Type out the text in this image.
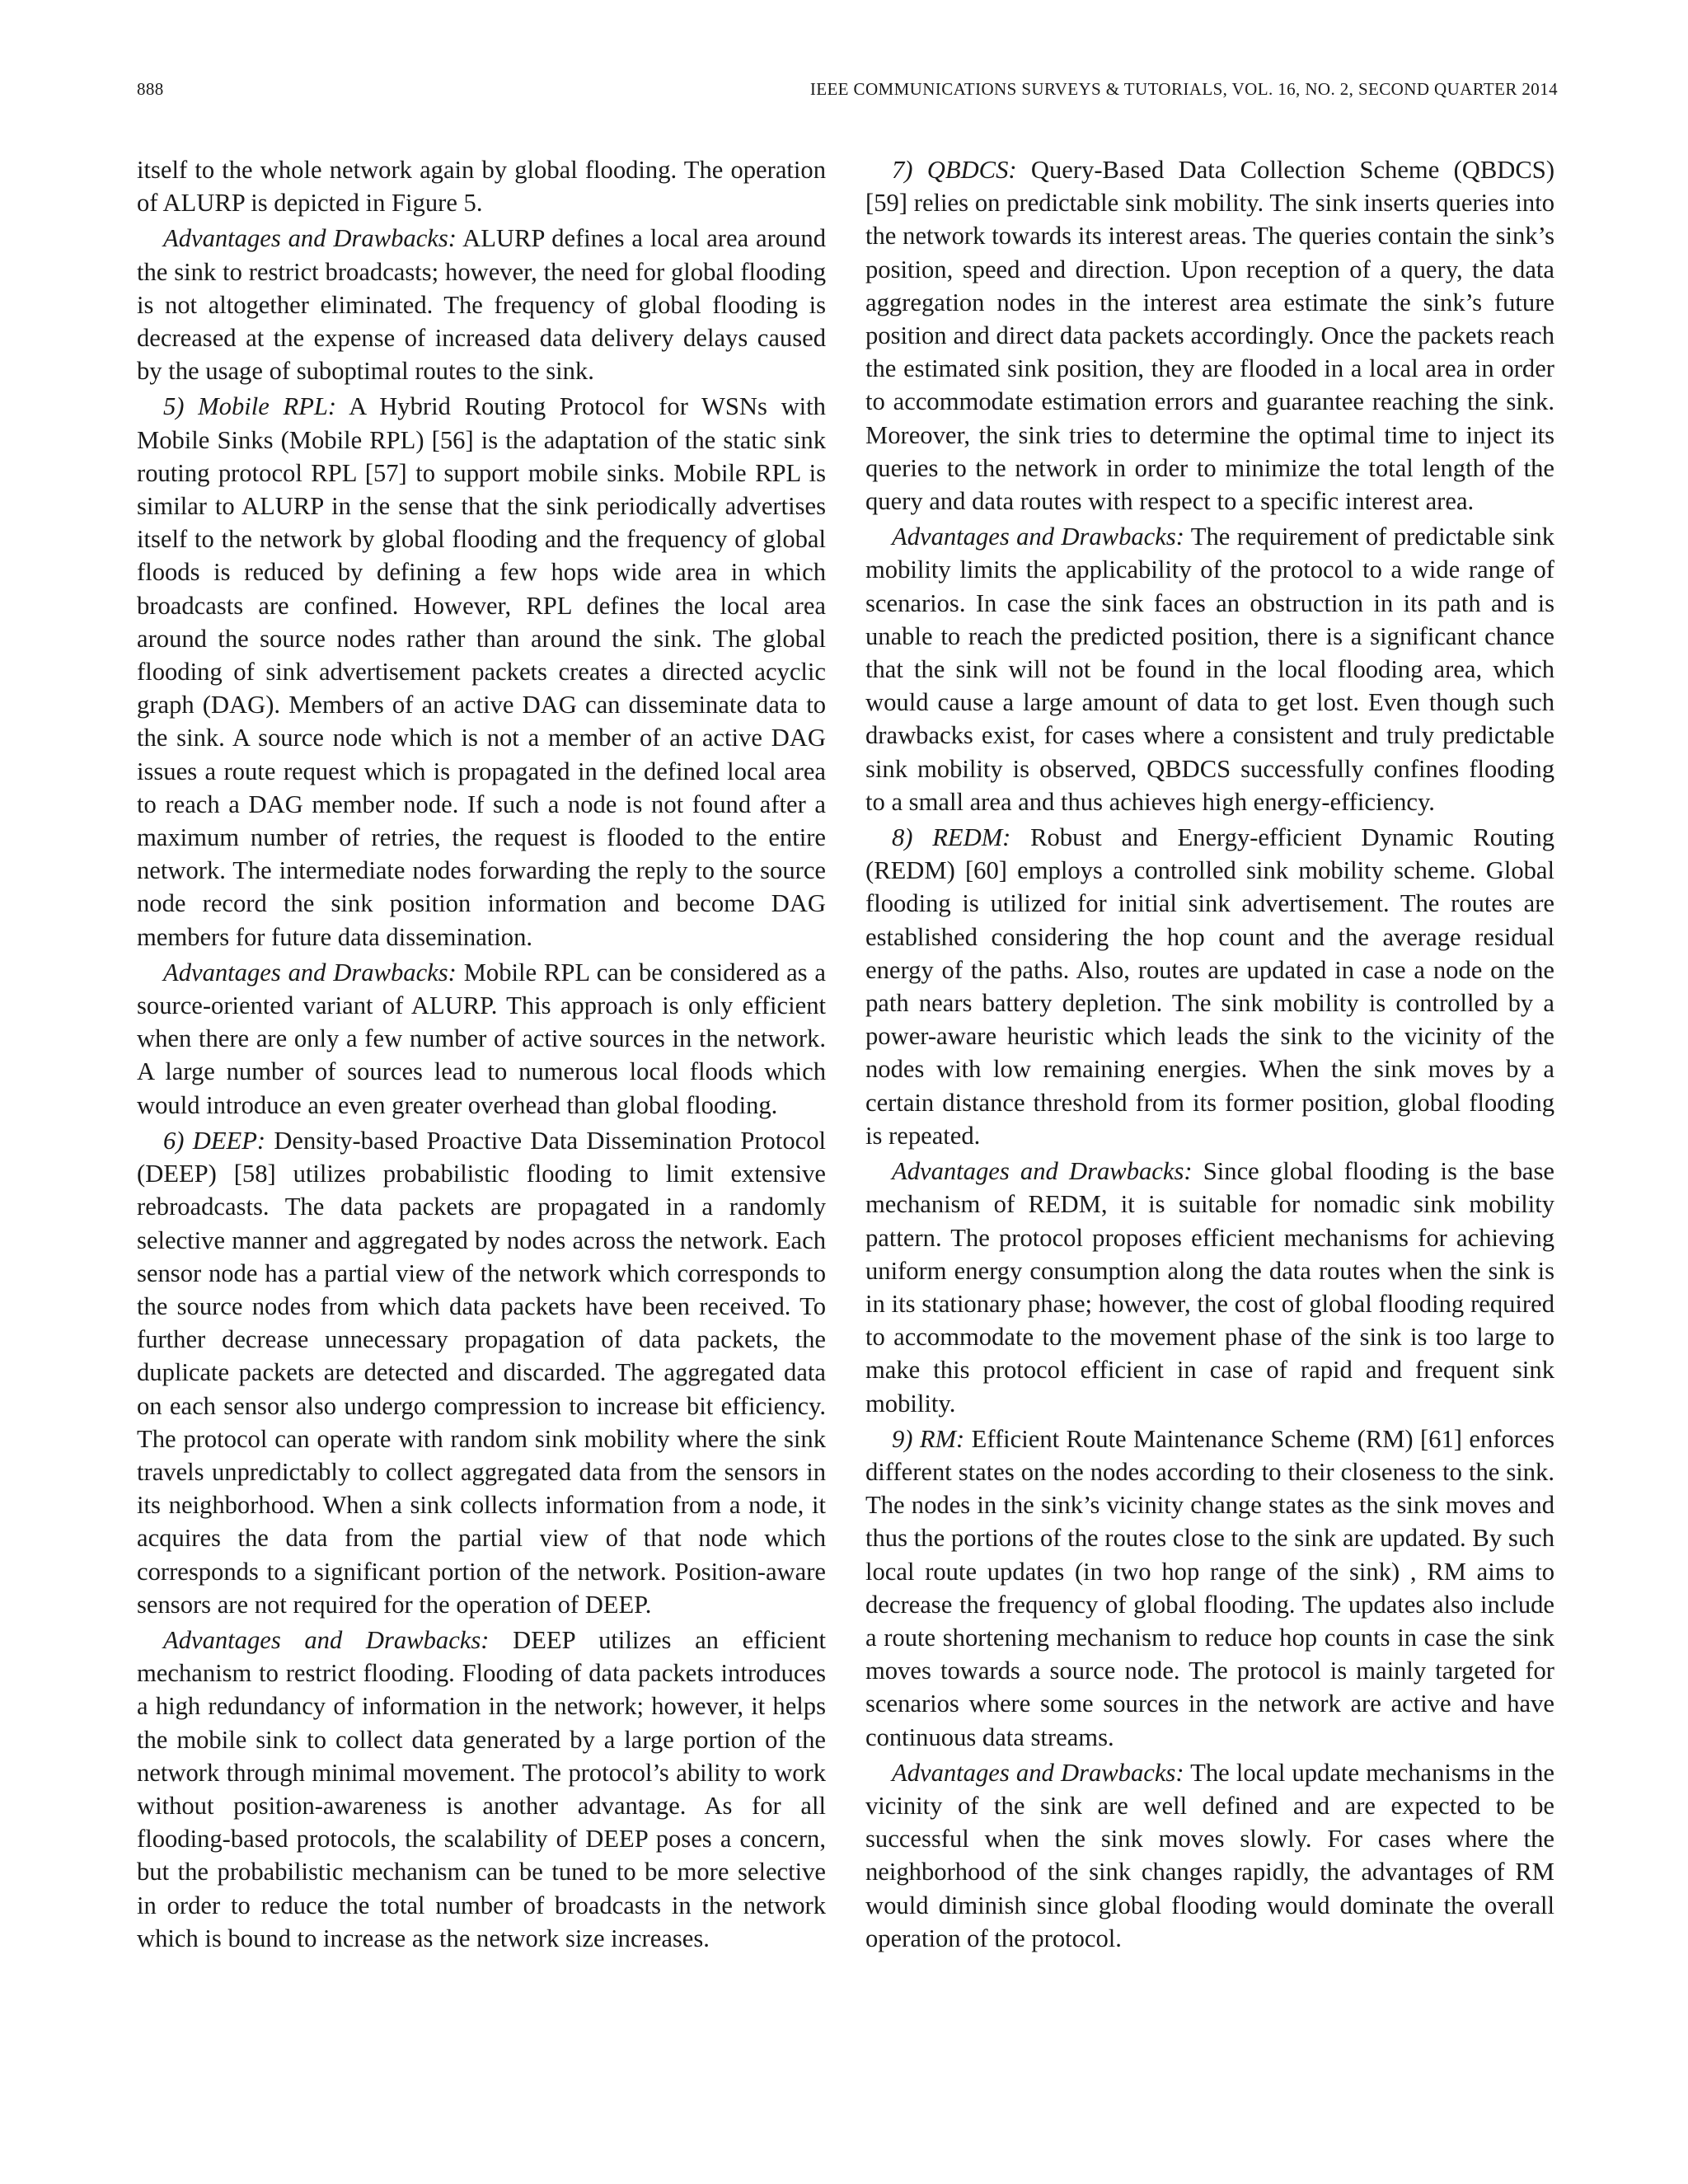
888	IEEE COMMUNICATIONS SURVEYS & TUTORIALS, VOL. 16, NO. 2, SECOND QUARTER 2014

itself to the whole network again by global flooding. The operation of ALURP is depicted in Figure 5.

Advantages and Drawbacks: ALURP defines a local area around the sink to restrict broadcasts; however, the need for global flooding is not altogether eliminated. The frequency of global flooding is decreased at the expense of increased data delivery delays caused by the usage of suboptimal routes to the sink.

5) Mobile RPL: A Hybrid Routing Protocol for WSNs with Mobile Sinks (Mobile RPL) [56] is the adaptation of the static sink routing protocol RPL [57] to support mobile sinks. Mobile RPL is similar to ALURP in the sense that the sink periodically advertises itself to the network by global flooding and the frequency of global floods is reduced by defining a few hops wide area in which broadcasts are confined. However, RPL defines the local area around the source nodes rather than around the sink. The global flooding of sink advertisement packets creates a directed acyclic graph (DAG). Members of an active DAG can disseminate data to the sink. A source node which is not a member of an active DAG issues a route request which is propagated in the defined local area to reach a DAG member node. If such a node is not found after a maximum number of retries, the request is flooded to the entire network. The intermediate nodes forwarding the reply to the source node record the sink position information and become DAG members for future data dissemination.

Advantages and Drawbacks: Mobile RPL can be considered as a source-oriented variant of ALURP. This approach is only efficient when there are only a few number of active sources in the network. A large number of sources lead to numerous local floods which would introduce an even greater overhead than global flooding.

6) DEEP: Density-based Proactive Data Dissemination Protocol (DEEP) [58] utilizes probabilistic flooding to limit extensive rebroadcasts. The data packets are propagated in a randomly selective manner and aggregated by nodes across the network. Each sensor node has a partial view of the network which corresponds to the source nodes from which data packets have been received. To further decrease unnecessary propagation of data packets, the duplicate packets are detected and discarded. The aggregated data on each sensor also undergo compression to increase bit efficiency. The protocol can operate with random sink mobility where the sink travels unpredictably to collect aggregated data from the sensors in its neighborhood. When a sink collects information from a node, it acquires the data from the partial view of that node which corresponds to a significant portion of the network. Position-aware sensors are not required for the operation of DEEP.

Advantages and Drawbacks: DEEP utilizes an efficient mechanism to restrict flooding. Flooding of data packets introduces a high redundancy of information in the network; however, it helps the mobile sink to collect data generated by a large portion of the network through minimal movement. The protocol’s ability to work without position-awareness is another advantage. As for all flooding-based protocols, the scalability of DEEP poses a concern, but the probabilistic mechanism can be tuned to be more selective in order to reduce the total number of broadcasts in the network which is bound to increase as the network size increases.

7) QBDCS: Query-Based Data Collection Scheme (QBDCS) [59] relies on predictable sink mobility. The sink inserts queries into the network towards its interest areas. The queries contain the sink’s position, speed and direction. Upon reception of a query, the data aggregation nodes in the interest area estimate the sink’s future position and direct data packets accordingly. Once the packets reach the estimated sink position, they are flooded in a local area in order to accommodate estimation errors and guarantee reaching the sink. Moreover, the sink tries to determine the optimal time to inject its queries to the network in order to minimize the total length of the query and data routes with respect to a specific interest area.

Advantages and Drawbacks: The requirement of predictable sink mobility limits the applicability of the protocol to a wide range of scenarios. In case the sink faces an obstruction in its path and is unable to reach the predicted position, there is a significant chance that the sink will not be found in the local flooding area, which would cause a large amount of data to get lost. Even though such drawbacks exist, for cases where a consistent and truly predictable sink mobility is observed, QBDCS successfully confines flooding to a small area and thus achieves high energy-efficiency.

8) REDM: Robust and Energy-efficient Dynamic Routing (REDM) [60] employs a controlled sink mobility scheme. Global flooding is utilized for initial sink advertisement. The routes are established considering the hop count and the average residual energy of the paths. Also, routes are updated in case a node on the path nears battery depletion. The sink mobility is controlled by a power-aware heuristic which leads the sink to the vicinity of the nodes with low remaining energies. When the sink moves by a certain distance threshold from its former position, global flooding is repeated.

Advantages and Drawbacks: Since global flooding is the base mechanism of REDM, it is suitable for nomadic sink mobility pattern. The protocol proposes efficient mechanisms for achieving uniform energy consumption along the data routes when the sink is in its stationary phase; however, the cost of global flooding required to accommodate to the movement phase of the sink is too large to make this protocol efficient in case of rapid and frequent sink mobility.

9) RM: Efficient Route Maintenance Scheme (RM) [61] enforces different states on the nodes according to their closeness to the sink. The nodes in the sink’s vicinity change states as the sink moves and thus the portions of the routes close to the sink are updated. By such local route updates (in two hop range of the sink) , RM aims to decrease the frequency of global flooding. The updates also include a route shortening mechanism to reduce hop counts in case the sink moves towards a source node. The protocol is mainly targeted for scenarios where some sources in the network are active and have continuous data streams.

Advantages and Drawbacks: The local update mechanisms in the vicinity of the sink are well defined and are expected to be successful when the sink moves slowly. For cases where the neighborhood of the sink changes rapidly, the advantages of RM would diminish since global flooding would dominate the overall operation of the protocol.
